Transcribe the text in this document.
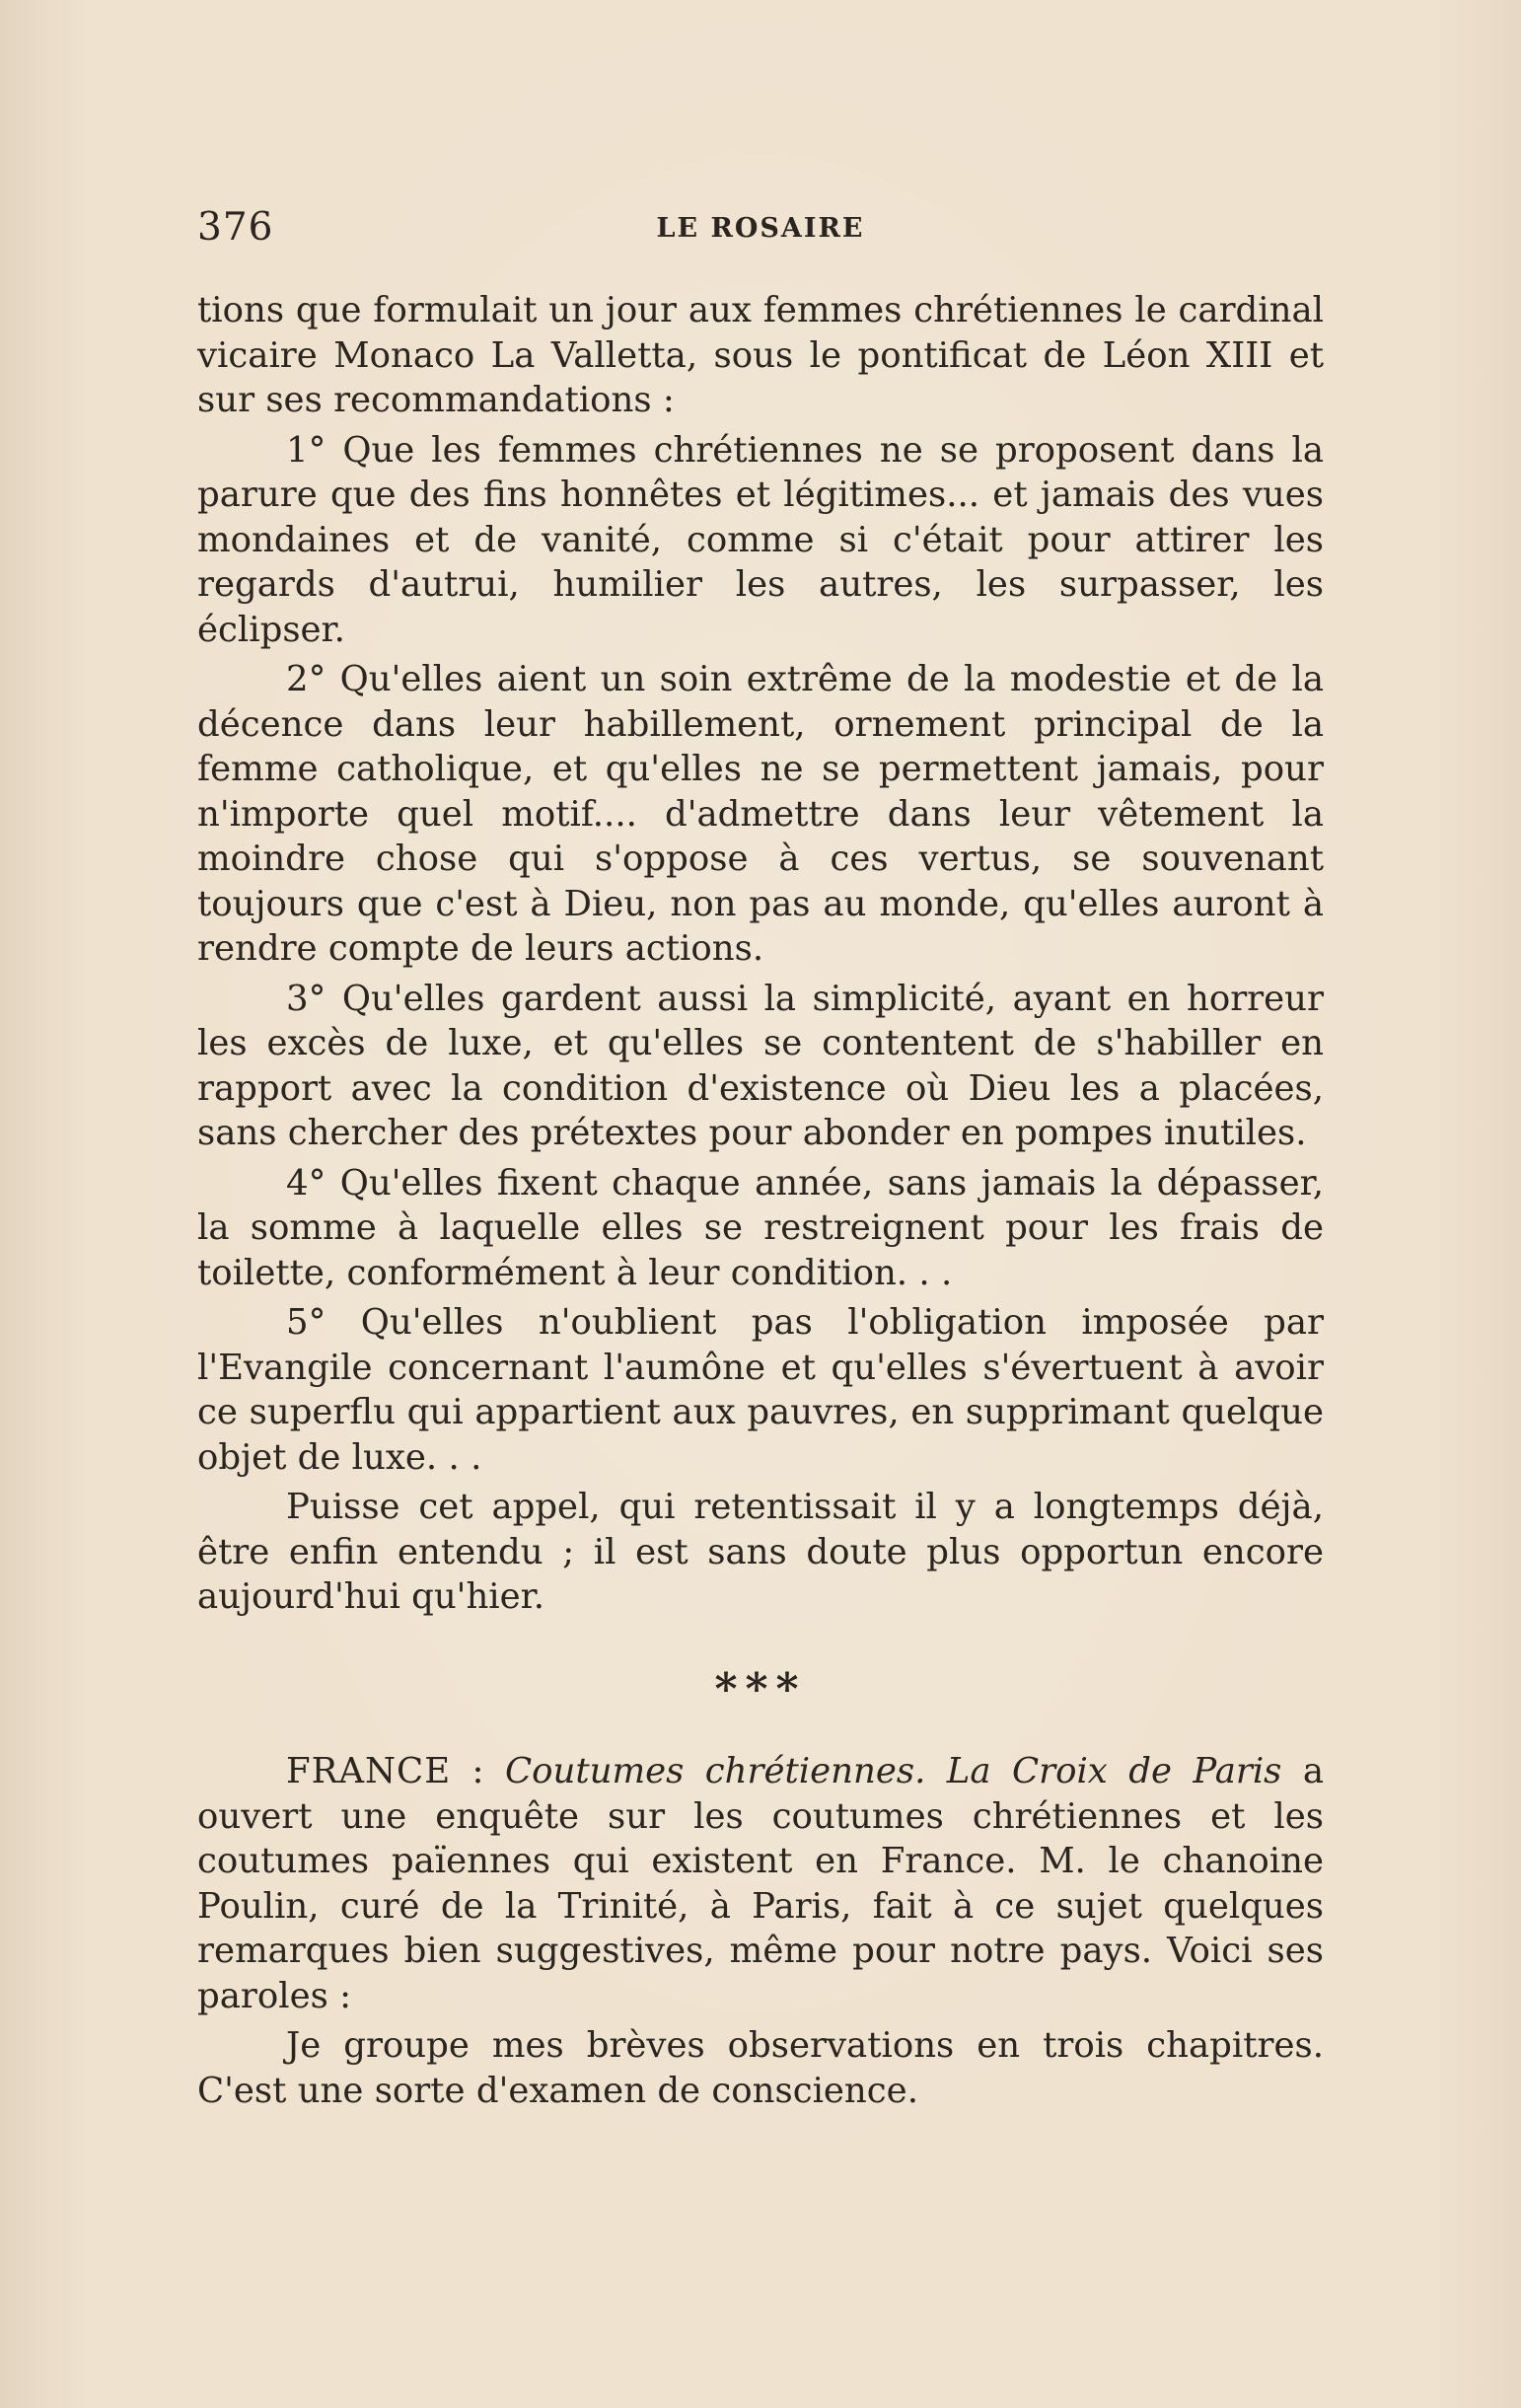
376	LE ROSAIRE

tions que formulait un jour aux femmes chrétiennes le cardinal vicaire Monaco La Valletta, sous le pontificat de Léon XIII et sur ses recommandations :

1° Que les femmes chrétiennes ne se proposent dans la parure que des fins honnêtes et légitimes... et jamais des vues mondaines et de vanité, comme si c'était pour attirer les regards d'autrui, humilier les autres, les surpasser, les éclipser.

2° Qu'elles aient un soin extrême de la modestie et de la décence dans leur habillement, ornement principal de la femme catholique, et qu'elles ne se permettent jamais, pour n'importe quel motif.... d'admettre dans leur vêtement la moindre chose qui s'oppose à ces vertus, se souvenant toujours que c'est à Dieu, non pas au monde, qu'elles auront à rendre compte de leurs actions.

3° Qu'elles gardent aussi la simplicité, ayant en horreur les excès de luxe, et qu'elles se contentent de s'habiller en rapport avec la condition d'existence où Dieu les a placées, sans chercher des prétextes pour abonder en pompes inutiles.

4° Qu'elles fixent chaque année, sans jamais la dépasser, la somme à laquelle elles se restreignent pour les frais de toilette, conformément à leur condition. . .

5° Qu'elles n'oublient pas l'obligation imposée par l'Evangile concernant l'aumône et qu'elles s'évertuent à avoir ce superflu qui appartient aux pauvres, en supprimant quelque objet de luxe. . .

Puisse cet appel, qui retentissait il y a longtemps déjà, être enfin entendu ; il est sans doute plus opportun encore aujourd'hui qu'hier.

***

FRANCE : Coutumes chrétiennes. La Croix de Paris a ouvert une enquête sur les coutumes chrétiennes et les coutumes païennes qui existent en France. M. le chanoine Poulin, curé de la Trinité, à Paris, fait à ce sujet quelques remarques bien suggestives, même pour notre pays. Voici ses paroles :

Je groupe mes brèves observations en trois chapitres. C'est une sorte d'examen de conscience.
